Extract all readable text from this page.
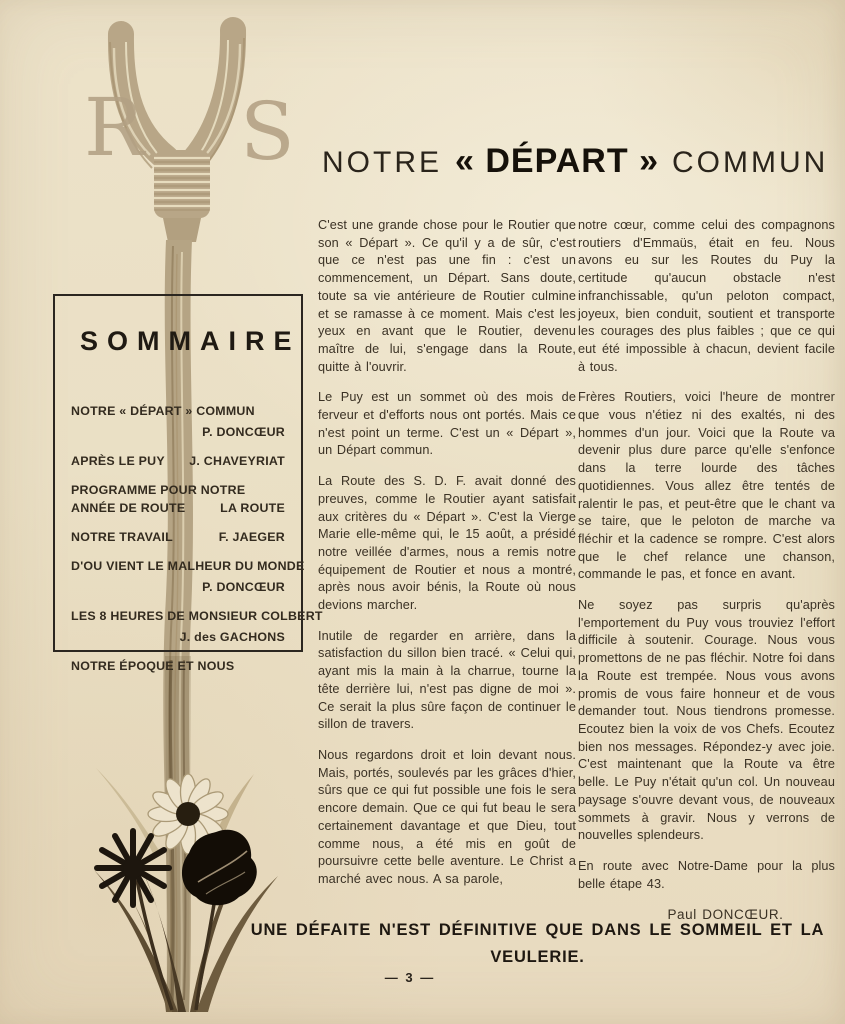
R S NOTRE « DÉPART » COMMUN
SOMMAIRE
NOTRE « DÉPART » COMMUN
P. DONCŒUR
APRÈS LE PUY J. CHAVEYRIAT
PROGRAMME POUR NOTRE ANNÉE DE ROUTE	LA ROUTE
NOTRE TRAVAIL	F. JAEGER
D'OU VIENT LE MALHEUR DU MONDE
P. DONCŒUR
LES 8 HEURES DE MONSIEUR COLBERT
J. des GACHONS
NOTRE ÉPOQUE ET NOUS

C'est une grande chose pour le Routier que son « Départ ». Ce qu'il y a de sûr, c'est que ce n'est pas une fin : c'est un commencement, un Départ. Sans doute, toute sa vie antérieure de Routier culmine et se ramasse à ce moment. Mais c'est les yeux en avant que le Routier, devenu maître de lui, s'engage dans la Route, quitte à l'ouvrir.

Le Puy est un sommet où des mois de ferveur et d'efforts nous ont portés. Mais ce n'est point un terme. C'est un « Départ », un Départ commun.

La Route des S. D. F. avait donné des preuves, comme le Routier ayant satisfait aux critères du « Départ ». C'est la Vierge Marie elle-même qui, le 15 août, a présidé notre veillée d'armes, nous a remis notre équipement de Routier et nous a montré, après nous avoir bénis, la Route où nous devions marcher.

Inutile de regarder en arrière, dans la satisfaction du sillon bien tracé. « Celui qui, ayant mis la main à la charrue, tourne la tête derrière lui, n'est pas digne de moi ». Ce serait la plus sûre façon de continuer le sillon de travers.

Nous regardons droit et loin devant nous. Mais, portés, soulevés par les grâces d'hier, sûrs que ce qui fut possible une fois le sera encore demain. Que ce qui fut beau le sera certainement davantage et que Dieu, tout comme nous, a été mis en goût de poursuivre cette belle aventure. Le Christ a marché avec nous. A sa parole,

notre cœur, comme celui des compagnons routiers d'Emmaüs, était en feu. Nous avons eu sur les Routes du Puy la certitude qu'aucun obstacle n'est infranchissable, qu'un peloton compact, joyeux, bien conduit, soutient et transporte les courages des plus faibles ; que ce qui eut été impossible à chacun, devient facile à tous.

Frères Routiers, voici l'heure de montrer que vous n'étiez ni des exaltés, ni des hommes d'un jour. Voici que la Route va devenir plus dure parce qu'elle s'enfonce dans la terre lourde des tâches quotidiennes. Vous allez être tentés de ralentir le pas, et peut-être que le chant va se taire, que le peloton de marche va fléchir et la cadence se rompre. C'est alors que le chef relance une chanson, commande le pas, et fonce en avant.

Ne soyez pas surpris qu'après l'emportement du Puy vous trouviez l'effort difficile à soutenir. Courage. Nous vous promettons de ne pas fléchir. Notre foi dans la Route est trempée. Nous vous avons promis de vous faire honneur et de vous demander tout. Nous tiendrons promesse. Ecoutez bien la voix de vos Chefs. Ecoutez bien nos messages. Répondez-y avec joie. C'est maintenant que la Route va être belle. Le Puy n'était qu'un col. Un nouveau paysage s'ouvre devant vous, de nouveaux sommets à gravir. Nous y verrons de nouvelles splendeurs.

En route avec Notre-Dame pour la plus belle étape 43.

Paul DONCŒUR.

UNE DÉFAITE N'EST DÉFINITIVE QUE DANS LE SOMMEIL ET LA VEULERIE.
— 3 —
